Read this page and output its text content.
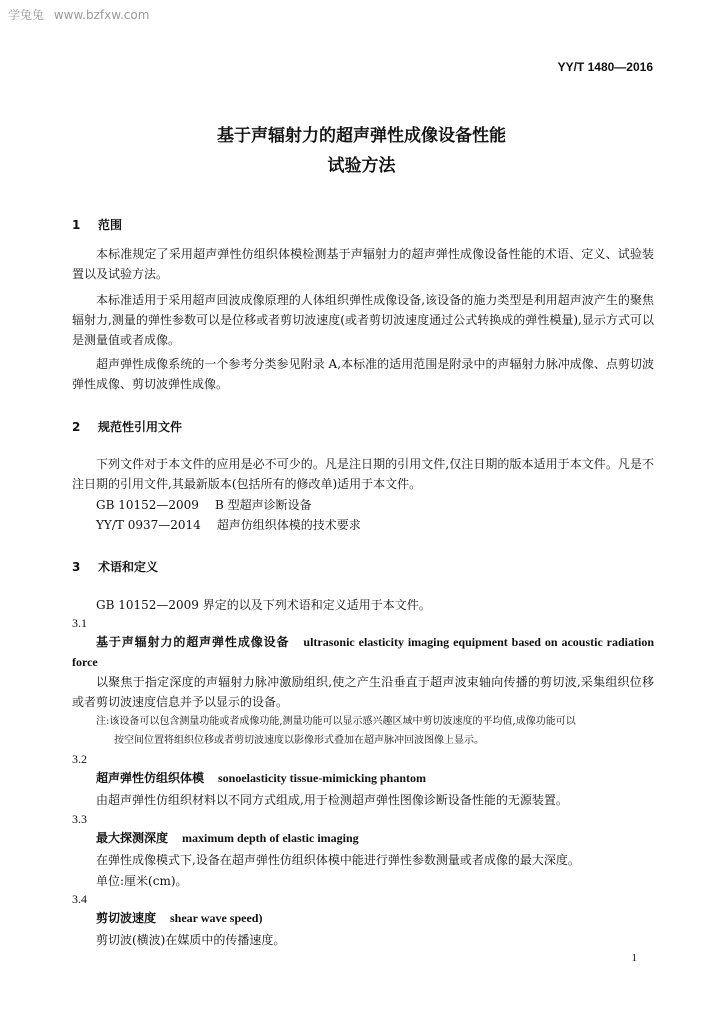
学兔兔 www.bzfxw.com
YY/T 1480—2016
基于声辐射力的超声弹性成像设备性能
试验方法
1 范围
本标准规定了采用超声弹性仿组织体模检测基于声辐射力的超声弹性成像设备性能的术语、定义、试验装置以及试验方法。
本标准适用于采用超声回波成像原理的人体组织弹性成像设备,该设备的施力类型是利用超声波产生的聚焦辐射力,测量的弹性参数可以是位移或者剪切波速度(或者剪切波速度通过公式转换成的弹性模量),显示方式可以是测量值或者成像。
超声弹性成像系统的一个参考分类参见附录 A,本标准的适用范围是附录中的声辐射力脉冲成像、点剪切波弹性成像、剪切波弹性成像。
2 规范性引用文件
下列文件对于本文件的应用是必不可少的。凡是注日期的引用文件,仅注日期的版本适用于本文件。凡是不注日期的引用文件,其最新版本(包括所有的修改单)适用于本文件。
GB 10152—2009 B 型超声诊断设备
YY/T 0937—2014 超声仿组织体模的技术要求
3 术语和定义
GB 10152—2009 界定的以及下列术语和定义适用于本文件。
3.1
基于声辐射力的超声弹性成像设备 ultrasonic elasticity imaging equipment based on acoustic radiation force
以聚焦于指定深度的声辐射力脉冲激励组织,使之产生沿垂直于超声波束轴向传播的剪切波,采集组织位移或者剪切波速度信息并予以显示的设备。
注:该设备可以包含测量功能或者成像功能,测量功能可以显示感兴趣区域中剪切波速度的平均值,成像功能可以
按空间位置将组织位移或者剪切波速度以影像形式叠加在超声脉冲回波图像上显示。
3.2
超声弹性仿组织体模 sonoelasticity tissue-mimicking phantom
由超声弹性仿组织材料以不同方式组成,用于检测超声弹性图像诊断设备性能的无源装置。
3.3
最大探测深度 maximum depth of elastic imaging
在弹性成像模式下,设备在超声弹性仿组织体模中能进行弹性参数测量或者成像的最大深度。
单位:厘米(cm)。
3.4
剪切波速度 shear wave speed)
剪切波(横波)在媒质中的传播速度。
1
